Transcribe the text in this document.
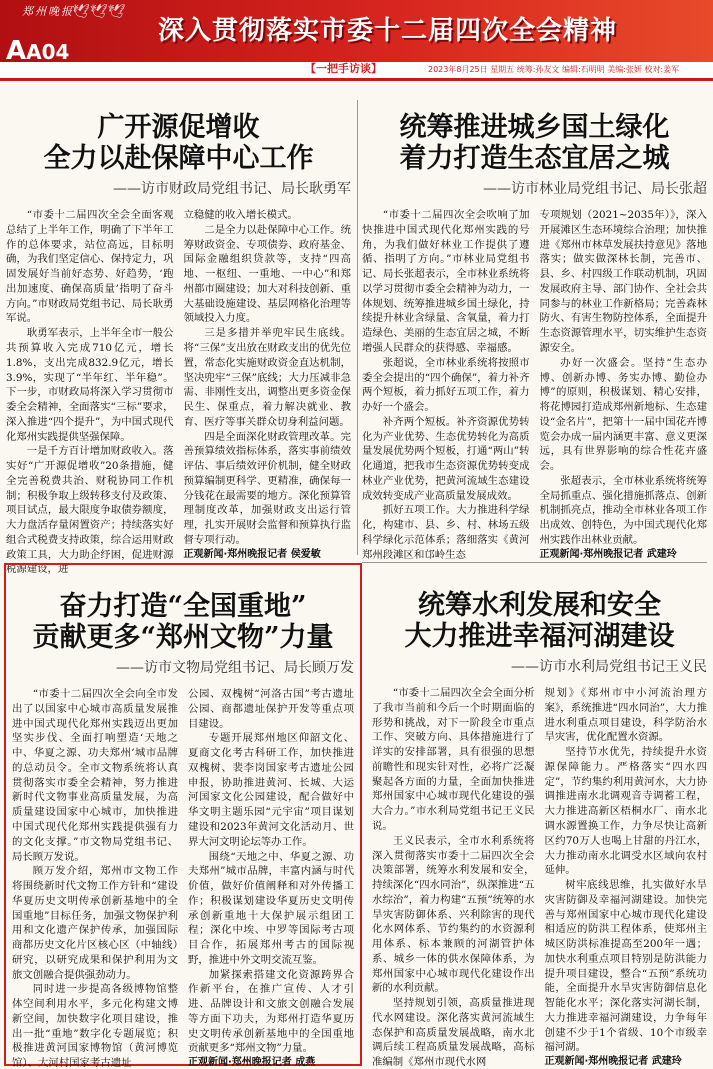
郑州晚报
🕊🕊🕊
AA04
深入贯彻落实市委十二届四次全会精神
【一把手访谈】	2023年8月25日 星期五 统筹:孙友文 编辑:石明明 美编:张妍 校对:姜军
广开源促增收
全力以赴保障中心工作
——访市财政局党组书记、局长耿勇军

“市委十二届四次全会全面客观总结了上半年工作，明确了下半年工作的总体要求，站位高远，目标明确，为我们坚定信心、保持定力，巩固发展好当前好态势、好趋势，‘跑出加速度、确保高质量’指明了奋斗方向。”市财政局党组书记、局长耿勇军说。

耿勇军表示，上半年全市一般公共预算收入完成710亿元，增长1.8%，支出完成832.9亿元，增长3.9%，实现了“半年红、半年稳”。下一步，市财政局将深入学习贯彻市委全会精神，全面落实“三标”要求，深入推进“四个提升”，为中国式现代化郑州实践提供坚强保障。

一是千方百计增加财政收入。落实好“广开源促增收”20条措施，健全完善税费共治、财税协同工作机制；积极争取上级转移支付及政策、项目试点，最大限度争取债券额度，大力盘活存量闲置资产；持续落实好组合式税费支持政策，综合运用财政政策工具，大力助企纾困，促进财源税源建设，进

立稳健的收入增长模式。

二是全力以赴保障中心工作。统筹财政资金、专项债券、政府基金、国际金融组织贷款等，支持“四高地、一枢纽、一重地、一中心”和郑州都市圈建设；加大对科技创新、重大基础设施建设、基层网格化治理等领域投入力度。

三是多措并举兜牢民生底线。将“三保”支出放在财政支出的优先位置，常态化实施财政资金直达机制，坚决兜牢“三保”底线；大力压减非急需、非刚性支出，调整出更多资金保民生、保重点，着力解决就业、教育、医疗等事关群众切身利益问题。

四是全面深化财政管理改革。完善预算绩效指标体系，落实事前绩效评估、事后绩效评价机制，健全财政预算编制更科学、更精准，确保每一分钱花在最需要的地方。深化预算管理制度改革，加强财政支出运行管理，扎实开展财会监督和预算执行监督专项行动。

正观新闻·郑州晚报记者 侯爱敏

统筹推进城乡国土绿化
着力打造生态宜居之城
——访市林业局党组书记、局长张超

“市委十二届四次全会吹响了加快推进中国式现代化郑州实践的号角，为我们做好林业工作提供了遵循、指明了方向。”市林业局党组书记、局长张超表示，全市林业系统将以学习贯彻市委全会精神为动力，一体规划、统筹推进城乡国土绿化，持续提升林业含绿量、含氧量，着力打造绿色、美丽的生态宜居之城，不断增强人民群众的获得感、幸福感。

张超说，全市林业系统将按照市委全会提出的“四个确保”，着力补齐两个短板，着力抓好五项工作，着力办好一个盛会。

补齐两个短板。补齐资源优势转化为产业优势、生态优势转化为高质量发展优势两个短板，打通“两山”转化通道，把我市生态资源优势转变成林业产业优势，把黄河流域生态建设成效转变成产业高质量发展成效。

抓好五项工作。大力推进科学绿化，构建市、县、乡、村、林场五级科学绿化示范体系；落细落实《黄河郑州段滩区和邙岭生态

专项规划（2021~2035年）》，深入开展滩区生态环境综合治理；加快推进《郑州市林草发展扶持意见》落地落实；做实做深林长制，完善市、县、乡、村四级工作联动机制，巩固发展政府主导、部门协作、全社会共同参与的林业工作新格局；完善森林防火、有害生物防控体系，全面提升生态资源管理水平，切实维护生态资源安全。

办好一次盛会。坚持“生态办博、创新办博、务实办博、勤俭办博”的原则，积极谋划、精心安排，将花博园打造成郑州新地标、生态建设“金名片”，把第十一届中国花卉博览会办成一届内涵更丰富、意义更深远，具有世界影响的综合性花卉盛会。

张超表示，全市林业系统将统筹全局抓重点、强化措施抓落点、创新机制抓亮点，推动全市林业各项工作出成效、创特色，为中国式现代化郑州实践作出林业贡献。

正观新闻·郑州晚报记者 武建玲

奋力打造“全国重地”
贡献更多“郑州文物”力量
——访市文物局党组书记、局长顾万发

“市委十二届四次全会向全市发出了以国家中心城市高质量发展推进中国式现代化郑州实践迈出更加坚实步伐、全面打响塑造‘天地之中、华夏之源、功夫郑州’城市品牌的总动员令。全市文物系统将认真贯彻落实市委全会精神，努力推进新时代文物事业高质量发展，为高质量建设国家中心城市，加快推进中国式现代化郑州实践提供强有力的文化支撑。”市文物局党组书记、局长顾万发说。

顾万发介绍，郑州市文物工作将围绕新时代文物工作方针和“建设华夏历史文明传承创新基地中的全国重地”目标任务，加强文物保护利用和文化遗产保护传承，加强国际商都历史文化片区核心区（中轴线）研究，以研究成果和保护利用为文旅文创融合提供强劲动力。

同时进一步提高各级博物馆整体空间利用水平，多元化构建文博新空间，加快数字化项目建设，推出一批“重地”数字化专题展览；积极推进黄河国家博物馆（黄河博览馆）、大河村国家考古遗址

公园、双槐树“河洛古国”考古遗址公园、商都遗址保护开发等重点项目建设。

专题开展郑州地区仰韶文化、夏商文化考古科研工作，加快推进双槐树、裴李岗国家考古遗址公园申报，协助推进黄河、长城、大运河国家文化公园建设，配合做好中华文明主题乐园“元宇宙”项目谋划建设和2023年黄河文化活动月、世界大河文明论坛等办工作。

围绕“天地之中、华夏之源、功夫郑州”城市品牌，丰富内涵与时代价值，做好价值阐释和对外传播工作；积极谋划建设华夏历史文明传承创新重地十大保护展示组团工程；深化中埃、中罗等国际考古项目合作，拓展郑州考古的国际视野，推进中外文明交流互鉴。

加紧探索搭建文化资源跨界合作新平台，在推广宣传、人才引进、品牌设计和文旅文创融合发展等方面下功夫，为郑州打造华夏历史文明传承创新基地中的全国重地贡献更多“郑州文物”力量。

正观新闻·郑州晚报记者 成燕

统筹水利发展和安全
大力推进幸福河湖建设
——访市水利局党组书记王义民

“市委十二届四次全会全面分析了我市当前和今后一个时期面临的形势和挑战，对下一阶段全市重点工作、突破方向、具体措施进行了详实的安排部署，具有很强的思想前瞻性和现实针对性，必将广泛凝聚起各方面的力量，全面加快推进郑州国家中心城市现代化建设的强大合力。”市水利局党组书记王义民说。

王义民表示，全市水利系统将深入贯彻落实市委十二届四次全会决策部署，统筹水利发展和安全，持续深化“四水同治”，纵深推进“五水综治”，着力构建“五预”统筹的水旱灾害防御体系、兴利除害的现代化水网体系、节约集约的水资源利用体系、标本兼顾的河湖管护体系、城乡一体的供水保障体系，为郑州国家中心城市现代化建设作出新的水利贡献。

坚持规划引领，高质量推进现代水网建设。深化落实黄河流域生态保护和高质量发展战略，南水北调后续工程高质量发展战略，高标准编制《郑州市现代水网

规划》《郑州市中小河流治理方案》，系统推进“四水同治”，大力推进水利重点项目建设，科学防治水旱灾害，优化配置水资源。

坚持节水优先，持续提升水资源保障能力。严格落实“四水四定”，节约集约利用黄河水，大力协调推进南水北调观音寺调蓄工程，大力推进高新区梧桐水厂、南水北调水源置换工作，力争尽快让高新区约70万人也喝上甘甜的丹江水，大力推动南水北调受水区域向农村延伸。

树牢底线思维，扎实做好水旱灾害防御及幸福河湖建设。加快完善与郑州国家中心城市现代化建设相适应的防洪工程体系，使郑州主城区防洪标准提高至200年一遇；加快水利重点项目特别是防洪能力提升项目建设，整合“五预”系统功能，全面提升水旱灾害防御信息化智能化水平；深化落实河湖长制，大力推进幸福河湖建设，力争每年创建不少于1个省级、10个市级幸福河湖。

正观新闻·郑州晚报记者 武建玲
